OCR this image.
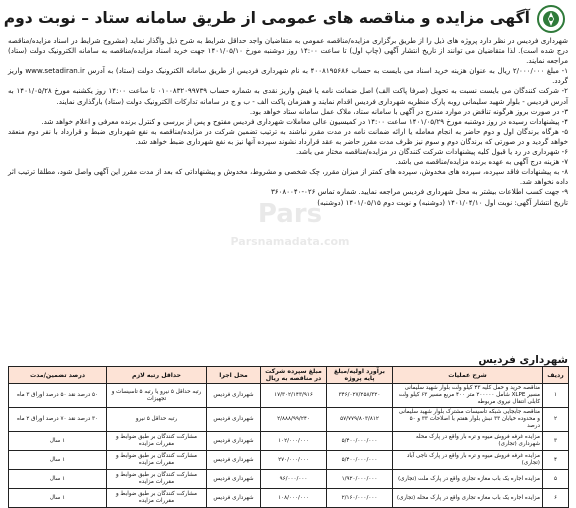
آگهی مزایده و مناقصه های عمومی از طریق سامانه ستاد – نوبت دوم

شهرداری فردیس در نظر دارد پروژه های ذیل را از طریق برگزاری مزایده/مناقصه عمومی به متقاضیان واجد حداقل شرایط به شرح ذیل واگذار نماید (مشروح شرایط در اسناد مزایده/مناقصه درج شده است). لذا متقاضیان می توانند از تاریخ انتشار آگهی (چاپ اول) تا ساعت ۱۴:۰۰ روز دوشنبه مورخ ۱۴۰۱/۰۵/۱۰ جهت خرید اسناد مزایده/مناقصه به سامانه الکترونیک دولت (ستاد) مراجعه نمایند.

۱- مبلغ ۲/۰۰۰/۰۰۰ ریال به عنوان هزینه خرید اسناد می بایست به حساب ۴۰۰۸۱۹۵۶۸۶ به نام شهرداری فردیس از طریق سامانه الکترونیک دولت (ستاد) به آدرس www.setadiran.ir واریز گردد.

۲- شرکت کنندگان می بایست نسبت به تحویل (صرفا پاکت الف) اصل ضمانت نامه یا فیش واریز نقدی به شماره حساب ۰۱۰۰۸۳۲۰۹۹۷۳۹ تا ساعت ۱۴:۰۰ روز یکشنبه مورخ ۱۴۰۱/۰۵/۲۸ به آدرس فردیس - بلوار شهید سلیمانی روبه پارک منظریه شهرداری فردیس اقدام نمایند و همزمان پاکت الف - ب و ج در سامانه تدارکات الکترونیک دولت (ستاد) بارگذاری نمایند.

۳- در صورت بروز هرگونه تناقض در موارد مندرج در آگهی با سامانه ستاد، ملاک عمل سامانه ستاد خواهد بود.

۴- پیشنهادات رسیده در روز دوشنبه مورخ ۱۴۰۱/۰۵/۲۹ ساعت ۱۴:۰۰ در کمیسیون عالی معاملات شهرداری فردیس مفتوح و پس از بررسی و کنترل برنده معرفی و اعلام خواهد شد.

۵- هرگاه برندگان اول و دوم حاضر به انجام معامله یا ارائه ضمانت نامه در مدت مقرر نباشند به ترتیب تضمین شرکت در مزایده/مناقصه به نفع شهرداری ضبط و قرارداد با نفر دوم منعقد خواهد گردید و در صورتی که برندگان دوم و سوم نیز ظرف مدت مقرر حاضر به عقد قرارداد نشوند سپرده آنها نیز به نفع شهرداری ضبط خواهد شد.

۶- شهرداری در رد یا قبول کلیه پیشنهادات شرکت کنندگان در مزایده/مناقصه مختار می باشد.

۷- هزینه درج آگهی به عهده برنده مزایده/مناقصه می باشد.

۸- به پیشنهادات فاقد سپرده، سپرده های مخدوش، سپرده های کمتر از میزان مقرر، چک شخصی و مشروط، مخدوش و پیشنهاداتی که بعد از مدت مقرر این آگهی واصل شود، مطلقا ترتیب اثر داده نخواهد شد.

۹- جهت کسب اطلاعات بیشتر به محل شهرداری فردیس مراجعه نمایید. شماره تماس ۰۲۶-۳۶۰۸۰۰۴۰

تاریخ انتشار آگهی: نوبت اول ۱۴۰۱/۰۴/۱۰ (دوشنبه) و نوبت دوم ۱۴۰۱/۰۵/۱۵ (دوشنبه)

Pars
Parsnamadata.com
شهرداری فردیس
ردیف	شرح عملیات	برآورد اولیه/مبلغ پایه پروژه	مبلغ سپرده شرکت در مناقصه به ریال	محل اجرا	حداقل رتبه لازم	درصد تضمین/مدت
۱	مناقصه خرید و حمل کلیه ۴۳ کیلو ولت بلوار شهید سلیمانی مسیر XLPE شامل ۲۰۰۰۰۰ متر ۴۰۰ مربع مسیر ۶۳ کیلو ولت کابلی انتقال نیروی مربوطه	۳۴۶/۰۲۷/۲۵۸/۳۲۰	۱۷/۳۰۲/۱۴۳/۹۱۶	شهرداری فردیس	رتبه حداقل ۵ نیرو یا رتبه ۵ تاسیسات و تجهیزات	۵۰ درصد نقد ۵۰ درصد اوراق ۳ ماه
۲	مناقصه جابجایی شبکه تاسیسات مشترک بلوار شهید سلیمانی و محدوده خیابان ۳۳ نبش بلوار هفتم با اصلاحات ۳۳ و ۵۰ درصد	۵۷/۷۷۹/۸۰۳/۸۱۲	۲/۸۸۸/۹۹/۲۴۰	شهرداری فردیس	رتبه حداقل ۵ نیرو	۳۰ درصد نقد ۷۰ درصد اوراق ۲ ماه
۳	مزایده غرفه فروش میوه و تره بار واقع در پارک محله شهرداری (تجاری)	۵/۴۰۰/۰۰۰/۰۰۰	۱۰۲/۰۰۰/۰۰۰	شهرداری فردیس	مشارکت کنندگان بر طبق ضوابط و مقررات مزایده	۱ سال
۴	مزایده غرفه فروش میوه و تره بار واقع در پارک ناجی آباد (تجاری)	۵/۴۰۰/۰۰۰/۰۰۰	۲۷۰/۰۰۰/۰۰۰	شهرداری فردیس	مشارکت کنندگان بر طبق ضوابط و مقررات مزایده	۱ سال
۵	مزایده اجاره یک باب مغازه تجاری واقع در پارک ملت (تجاری)	۱/۹۲۰/۰۰۰/۰۰۰	۹۶/۰۰۰/۰۰۰	شهرداری فردیس	مشارکت کنندگان بر طبق ضوابط و مقررات مزایده	۱ سال
۶	مزایده اجاره یک باب مغازه تجاری واقع در پارک محله (تجاری)	۲/۱۶۰/۰۰۰/۰۰۰	۱۰۸/۰۰۰/۰۰۰	شهرداری فردیس	مشارکت کنندگان بر طبق ضوابط و مقررات مزایده	۱ سال
